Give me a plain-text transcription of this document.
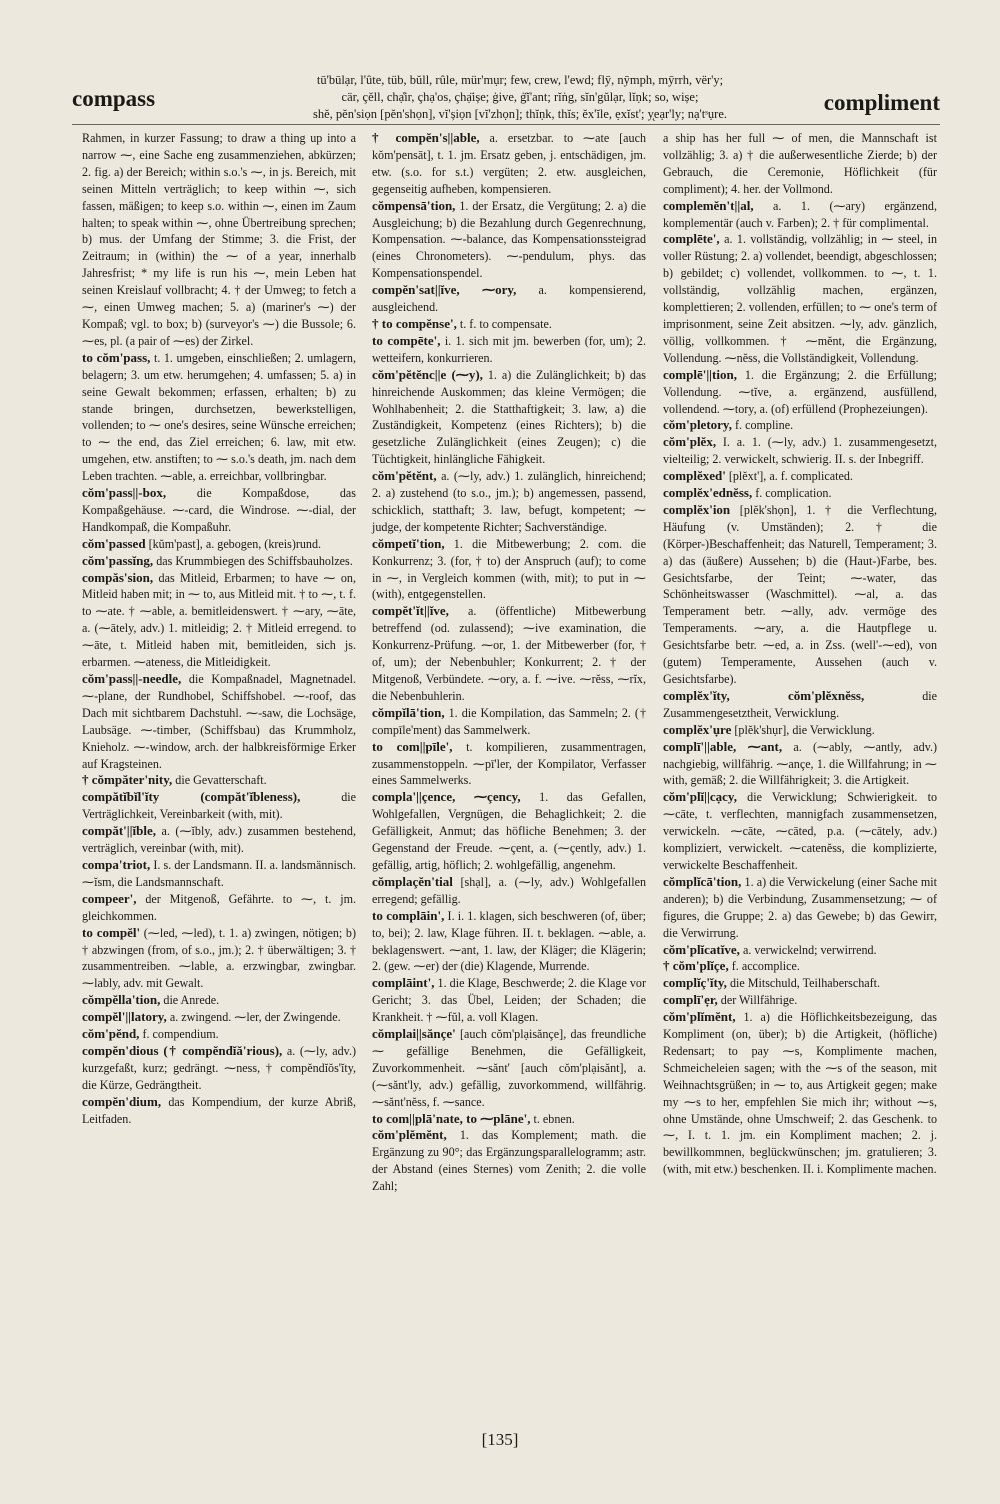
compass
tū'būlạr, l'ûte, tüb, bŭll, rûle, mür'mụr; few, crew, l'ewd; flȳ, nȳmph, mȳrrh, vër'y;
cär, çĕll, chạ̊ir, çhạ'os, çhạ̈ișe; ġive, ġ̈ĭ'ant; rĭṅg, sĭn'gŭlạr, lĭṇk; so, wișe;
shĕ, pĕn'siọn [pĕn'shọn], vĭ'șiọn [vĭ'zhọn]; thĭṇk, thĭs; ĕx'ĭle, ẹxĭst'; y̨eạr'ly; nạ'tˢụre.	compliment

Rahmen, in kurzer Fassung; to draw a thing up into a narrow ⁓, eine Sache eng zusammenziehen, abkürzen; 2. fig. a) der Bereich; within s.o.'s ⁓, in js. Bereich, mit seinen Mitteln verträglich; to keep within ⁓, sich fassen, mäßigen; to keep s.o. within ⁓, einen im Zaum halten; to speak within ⁓, ohne Übertreibung sprechen; b) mus. der Umfang der Stimme; 3. die Frist, der Zeitraum; in (within) the ⁓ of a year, innerhalb Jahresfrist; * my life is run his ⁓, mein Leben hat seinen Kreislauf vollbracht; 4. † der Umweg; to fetch a ⁓, einen Umweg machen; 5. a) (mariner's ⁓) der Kompaß; vgl. to box; b) (surveyor's ⁓) die Bussole; 6. ⁓es, pl. (a pair of ⁓es) der Zirkel.

to cŏm'pass, t. 1. umgeben, einschließen; 2. umlagern, belagern; 3. um etw. herumgehen; 4. umfassen; 5. a) in seine Gewalt bekommen; erfassen, erhalten; b) zu stande bringen, durchsetzen, bewerkstelligen, vollenden; to ⁓ one's desires, seine Wünsche erreichen; to ⁓ the end, das Ziel erreichen; 6. law, mit etw. umgehen, etw. anstiften; to ⁓ s.o.'s death, jm. nach dem Leben trachten. ⁓able, a. erreichbar, vollbringbar.

cŏm'pass||-box,	die Kompaßdose, das Kompaßgehäuse. ⁓-card, die Windrose. ⁓-dial, der Handkompaß, die Kompaßuhr.

cŏm'passed [kŭm'past], a. gebogen, (kreis)rund.

cŏm'passĭng, das Krummbiegen des Schiffsbauholzes.

compăs'sion, das Mitleid, Erbarmen; to have ⁓ on, Mitleid haben mit; in ⁓ to, aus Mitleid mit. † to ⁓, t. f. to ⁓ate. † ⁓able, a. bemitleidenswert. † ⁓ary, ⁓āte, a. (⁓ātely, adv.) 1. mitleidig; 2. † Mitleid erregend. to ⁓āte, t. Mitleid haben mit, bemitleiden, sich js. erbarmen. ⁓ateness, die Mitleidigkeit.

cŏm'pass||-needle, die Kompaßnadel, Magnetnadel. ⁓-plane, der Rundhobel, Schiffshobel. ⁓-roof, das Dach mit sichtbarem Dachstuhl. ⁓-saw, die Lochsäge, Laubsäge. ⁓-timber, (Schiffsbau) das Krummholz, Knieholz. ⁓-window, arch. der halbkreisförmige Erker auf Kragsteinen.

† cŏmpăter'nity, die Gevatterschaft.

compătĭbĭl'ĭty (compăt'ĭbleness),	die Verträglichkeit, Vereinbarkeit (with, mit).

compăt'||ĭble, a. (⁓ĭbly, adv.) zusammen bestehend, verträglich, vereinbar (with, mit).

compa'triot, I. s. der Landsmann. II. a. landsmännisch. ⁓ĭsm, die Landsmannschaft.

compeer', der Mitgenoß, Gefährte. to ⁓, t. jm. gleichkommen.

to compĕl' (⁓led, ⁓led), t. 1. a) zwingen, nötigen; b) † abzwingen (from, of s.o., jm.); 2. † überwältigen; 3. † zusammentreiben. ⁓lable, a. erzwingbar, zwingbar. ⁓lably, adv. mit Gewalt.

cŏmpĕlla'tion, die Anrede.

compĕl'||latory, a. zwingend. ⁓ler, der Zwingende.

cŏm'pĕnd, f. compendium.

compĕn'dious († compĕndĭă'rious), a. (⁓ly, adv.) kurzgefaßt, kurz; gedrängt. ⁓ness, † compĕndĭŏs'ĭty, die Kürze, Gedrängtheit.

compĕn'dium, das Kompendium, der kurze Abriß, Leitfaden.

† compĕn's||able, a. ersetzbar. to ⁓ate [auch kŏm'pensāt], t. 1. jm. Ersatz geben, j. entschädigen, jm. etw. (s.o. for s.t.) vergüten; 2. etw. ausgleichen, gegenseitig aufheben, kompensieren.

cŏmpensā'tion, 1. der Ersatz, die Vergütung; 2. a) die Ausgleichung; b) die Bezahlung durch Gegenrechnung, Kompensation. ⁓-balance, das Kompensationssteigrad (eines Chronometers). ⁓-pendulum, phys. das Kompensationspendel.

compĕn'sat||ĭve, ⁓ory, a. kompensierend, ausgleichend.

† to compĕnse', t. f. to compensate.

to compēte', i. 1. sich mit jm. bewerben (for, um); 2. wetteifern, konkurrieren.

cŏm'pĕtĕnc||e (⁓y), 1. a) die Zulänglichkeit; b) das hinreichende Auskommen; das kleine Vermögen; die Wohlhabenheit; 2. die Statthaftigkeit; 3. law, a) die Zuständigkeit, Kompetenz (eines Richters); b) die gesetzliche Zulänglichkeit (eines Zeugen); c) die Tüchtigkeit, hinlängliche Fähigkeit.

cŏm'pĕtĕnt, a. (⁓ly, adv.) 1. zulänglich, hinreichend; 2. a) zustehend (to s.o., jm.); b) angemessen, passend, schicklich, statthaft; 3. law, befugt, kompetent; ⁓ judge, der kompetente Richter; Sachverständige.

cŏmpetĭ'tion, 1. die Mitbewerbung; 2. com. die Konkurrenz; 3. (for, † to) der Anspruch (auf); to come in ⁓, in Vergleich kommen (with, mit); to put in ⁓ (with), entgegenstellen.

compĕt'ĭt||ĭve, a. (öffentliche) Mitbewerbung betreffend (od. zulassend); ⁓ive examination, die Konkurrenz-Prüfung. ⁓or, 1. der Mitbewerber (for, † of, um); der Nebenbuhler; Konkurrent; 2. † der Mitgenoß, Verbündete. ⁓ory, a. f. ⁓ive. ⁓rĕss, ⁓rĭx, die Nebenbuhlerin.

cŏmpĭlā'tion, 1. die Kompilation, das Sammeln; 2. († compīle'ment) das Sammelwerk.

to com||pīle', t. kompilieren, zusammentragen, zusammenstoppeln. ⁓pī'ler, der Kompilator, Verfasser eines Sammelwerks.

compla'||çence, ⁓çency, 1. das Gefallen, Wohlgefallen, Vergnügen, die Behaglichkeit; 2. die Gefälligkeit, Anmut; das höfliche Benehmen; 3. der Gegenstand der Freude. ⁓çent, a. (⁓çently, adv.) 1. gefällig, artig, höflich; 2. wohlgefällig, angenehm.

cŏmplaçĕn'tial [shạl], a. (⁓ly, adv.) Wohlgefallen erregend; gefällig.

to complāin', I. i. 1. klagen, sich beschweren (of, über; to, bei); 2. law, Klage führen. II. t. beklagen. ⁓able, a. beklagenswert. ⁓ant, 1. law, der Kläger; die Klägerin; 2. (gew. ⁓er) der (die) Klagende, Murrende.

complāint', 1. die Klage, Beschwerde; 2. die Klage vor Gericht; 3. das Übel, Leiden; der Schaden; die Krankheit. † ⁓fŭl, a. voll Klagen.

cŏmplai||sănçe' [auch cŏm'plạisănçe], das freundliche ⁓ gefällige Benehmen, die Gefälligkeit, Zuvorkommenheit. ⁓sănt' [auch cŏm'plạisănt], a. (⁓sănt'ly, adv.) gefällig, zuvorkommend, willfährig. ⁓sănt'nĕss, f. ⁓sance.

to com||plā'nate, to ⁓plāne', t. ebnen.

cŏm'plĕmĕnt, 1. das Komplement; math. die Ergänzung zu 90°; das Ergänzungsparallelogramm; astr. der Abstand (eines Sternes) vom Zenith; 2. die volle Zahl;

a ship has her full ⁓ of men, die Mannschaft ist vollzählig; 3. a) † die außerwesentliche Zierde; b) der Gebrauch, die Ceremonie, Höflichkeit (für compliment); 4. her. der Vollmond.

complemĕn't||al, a. 1. (⁓ary) ergänzend, komplementär (auch v. Farben); 2. † für complimental.

complēte', a. 1. vollständig, vollzählig; in ⁓ steel, in voller Rüstung; 2. a) vollendet, beendigt, abgeschlossen; b) gebildet; c) vollendet, vollkommen. to ⁓, t. 1. vollständig, vollzählig machen, ergänzen, komplettieren; 2. vollenden, erfüllen; to ⁓ one's term of imprisonment, seine Zeit absitzen. ⁓ly, adv. gänzlich, völlig, vollkommen. † ⁓mĕnt, die Ergänzung, Vollendung. ⁓nĕss, die Vollständigkeit, Vollendung.

complē'||tion, 1. die Ergänzung; 2. die Erfüllung; Vollendung. ⁓tĭve, a. ergänzend, ausfüllend, vollendend. ⁓tory, a. (of) erfüllend (Prophezeiungen).

cŏm'pletory, f. compline.

cŏm'plĕx, I. a. 1. (⁓ly, adv.) 1. zusammengesetzt, vielteilig; 2. verwickelt, schwierig. II. s. der Inbegriff.

complĕxed' [plĕxt'], a. f. complicated.

complĕx'ednĕss, f. complication.

complĕx'ion [plĕk'shọn], 1. † die Verflechtung, Häufung (v. Umständen); 2. † die (Körper-)Beschaffenheit; das Naturell, Temperament; 3. a) das (äußere) Aussehen; b) die (Haut-)Farbe, bes. Gesichtsfarbe, der Teint; ⁓-water, das Schönheitswasser (Waschmittel). ⁓al, a. das Temperament betr. ⁓ally, adv. vermöge des Temperaments. ⁓ary, a. die Hautpflege u. Gesichtsfarbe betr. ⁓ed, a. in Zss. (well'-⁓ed), von (gutem) Temperamente, Aussehen (auch v. Gesichtsfarbe).

complĕx'ĭty, cŏm'plĕxnĕss,	die Zusammengesetztheit, Verwicklung.

complĕx'ụre [plĕk'shụr], die Verwicklung.

complī'||able, ⁓ant, a. (⁓ably, ⁓antly, adv.) nachgiebig, willfährig. ⁓ançe, 1. die Willfahrung; in ⁓ with, gemäß; 2. die Willfährigkeit; 3. die Artigkeit.

cŏm'plĭ||cạcy, die Verwicklung; Schwierigkeit. to ⁓cāte, t. verflechten, mannigfach zusammensetzen, verwickeln. ⁓cāte, ⁓cāted, p.a. (⁓cātely, adv.) kompliziert, verwickelt. ⁓catenĕss, die komplizierte, verwickelte Beschaffenheit.

cŏmplĭcā'tion, 1. a) die Verwickelung (einer Sache mit anderen); b) die Verbindung, Zusammensetzung; ⁓ of figures, die Gruppe; 2. a) das Gewebe; b) das Gewirr, die Verwirrung.

cŏm'plĭcatĭve, a. verwickelnd; verwirrend.

† cŏm'plĭçe, f. accomplice.

complĭç'ĭty, die Mitschuld, Teilhaberschaft.

complī'ẹr, der Willfährige.

cŏm'plĭmĕnt, 1. a) die Höflichkeitsbezeigung, das Kompliment (on, über); b) die Artigkeit, (höfliche) Redensart; to pay ⁓s, Komplimente machen, Schmeicheleien sagen; with the ⁓s of the season, mit Weihnachtsgrüßen; in ⁓ to, aus Artigkeit gegen; make my ⁓s to her, empfehlen Sie mich ihr; without ⁓s, ohne Umstände, ohne Umschweif; 2. das Geschenk. to ⁓, I. t. 1. jm. ein Kompliment machen; 2. j. bewillkommnen, beglückwünschen; jm. gratulieren; 3. (with, mit etw.) beschenken. II. i. Komplimente machen.

[135]
